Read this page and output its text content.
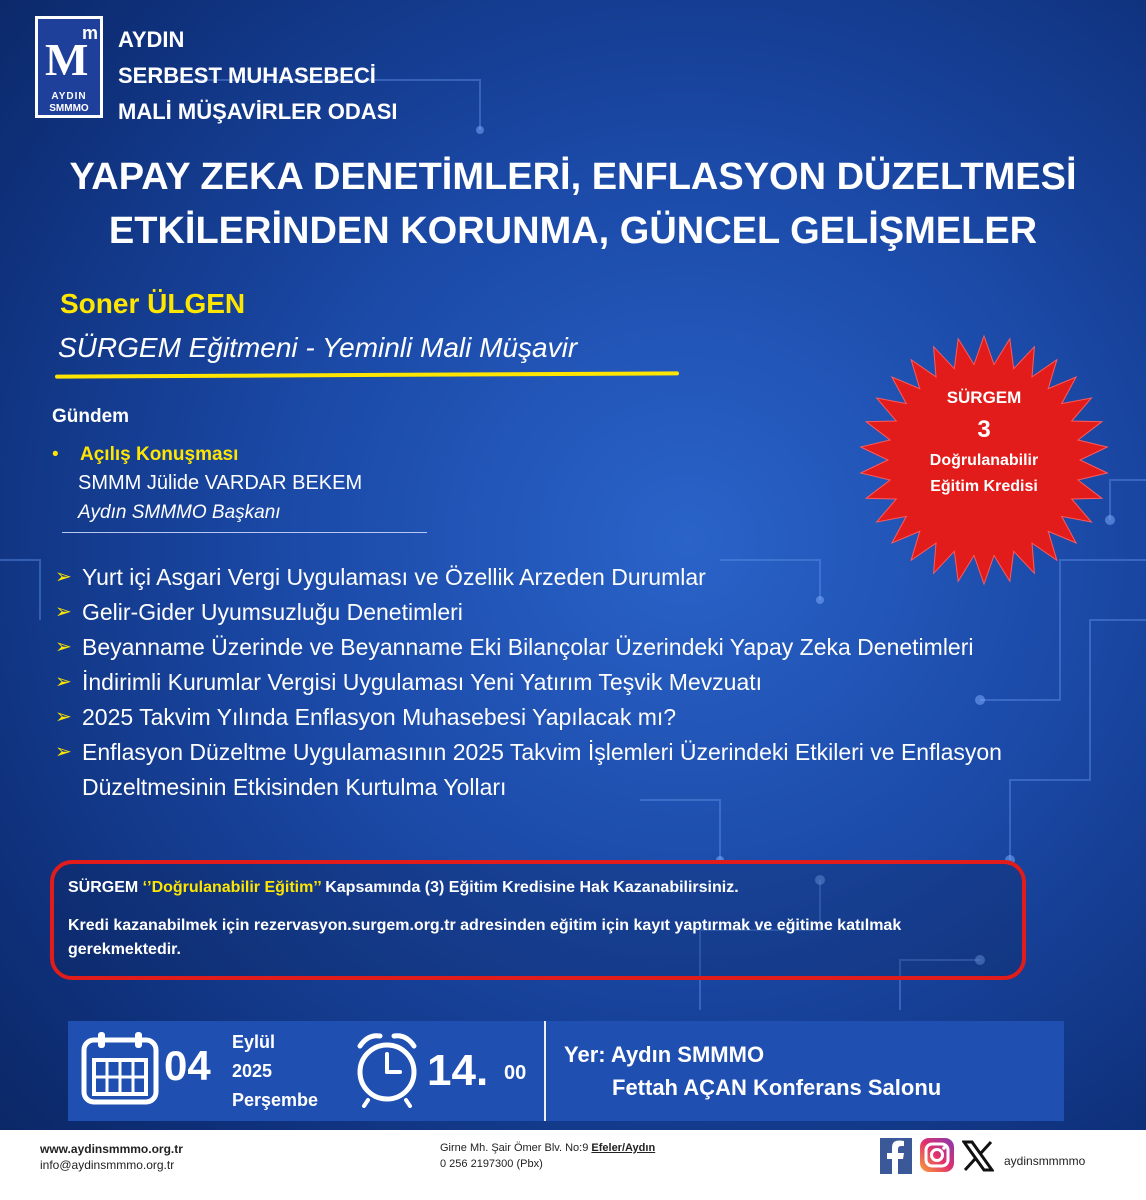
M
m
AYDIN
SMMMO
AYDIN
SERBEST MUHASEBECİ
MALİ MÜŞAVİRLER ODASI
YAPAY ZEKA DENETİMLERİ, ENFLASYON DÜZELTMESİ
ETKİLERİNDEN KORUNMA, GÜNCEL GELİŞMELER
Soner ÜLGEN
SÜRGEM Eğitmeni - Yeminli Mali Müşavir
SÜRGEM
3
Doğrulanabilir
Eğitim Kredisi
Gündem
• Açılış Konuşması
SMMM Jülide VARDAR BEKEM
Aydın SMMMO Başkanı
➢ Yurt içi Asgari Vergi Uygulaması ve Özellik Arzeden Durumlar
➢ Gelir-Gider Uyumsuzluğu Denetimleri
➢ Beyanname Üzerinde ve Beyanname Eki Bilançolar Üzerindeki Yapay Zeka Denetimleri
➢ İndirimli Kurumlar Vergisi Uygulaması Yeni Yatırım Teşvik Mevzuatı
➢ 2025 Takvim Yılında Enflasyon Muhasebesi Yapılacak mı?
➢ Enflasyon Düzeltme Uygulamasının 2025 Takvim İşlemleri Üzerindeki Etkileri ve Enflasyon Düzeltmesinin Etkisinden Kurtulma Yolları
SÜRGEM ‘’Doğrulanabilir Eğitim’’ Kapsamında (3) Eğitim Kredisine Hak Kazanabilirsiniz.
Kredi kazanabilmek için rezervasyon.surgem.org.tr adresinden eğitim için kayıt yaptırmak ve eğitime katılmak gerekmektedir.
04 Eylül
2025
Perşembe
14. 00
Yer: Aydın SMMMO
Fettah AÇAN Konferans Salonu
www.aydinsmmmo.org.tr
info@aydinsmmmo.org.tr
Girne Mh. Şair Ömer Blv. No:9 Efeler/Aydın
0 256 2197300 (Pbx)	aydinsmmmmo
